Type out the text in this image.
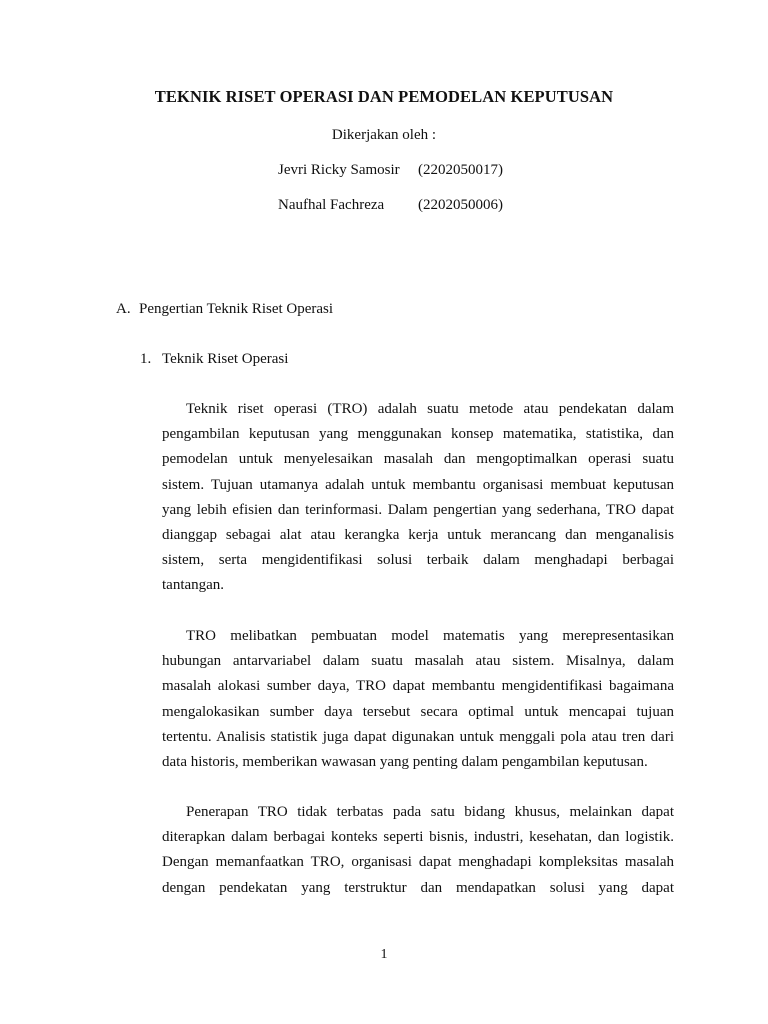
TEKNIK RISET OPERASI DAN PEMODELAN KEPUTUSAN
Dikerjakan oleh :
Jevri Ricky Samosir (2202050017)
Naufhal Fachreza (2202050006)
A. Pengertian Teknik Riset Operasi
1. Teknik Riset Operasi
Teknik riset operasi (TRO) adalah suatu metode atau pendekatan dalam
pengambilan keputusan yang menggunakan konsep matematika, statistika, dan
pemodelan untuk menyelesaikan masalah dan mengoptimalkan operasi suatu
sistem. Tujuan utamanya adalah untuk membantu organisasi membuat keputusan
yang lebih efisien dan terinformasi. Dalam pengertian yang sederhana, TRO dapat
dianggap sebagai alat atau kerangka kerja untuk merancang dan menganalisis
sistem, serta mengidentifikasi solusi terbaik dalam menghadapi berbagai
tantangan.
TRO melibatkan pembuatan model matematis yang merepresentasikan
hubungan antarvariabel dalam suatu masalah atau sistem. Misalnya, dalam
masalah alokasi sumber daya, TRO dapat membantu mengidentifikasi bagaimana
mengalokasikan sumber daya tersebut secara optimal untuk mencapai tujuan
tertentu. Analisis statistik juga dapat digunakan untuk menggali pola atau tren dari
data historis, memberikan wawasan yang penting dalam pengambilan keputusan.
Penerapan TRO tidak terbatas pada satu bidang khusus, melainkan dapat
diterapkan dalam berbagai konteks seperti bisnis, industri, kesehatan, dan logistik.
Dengan memanfaatkan TRO, organisasi dapat menghadapi kompleksitas masalah
dengan pendekatan yang terstruktur dan mendapatkan solusi yang dapat
1
